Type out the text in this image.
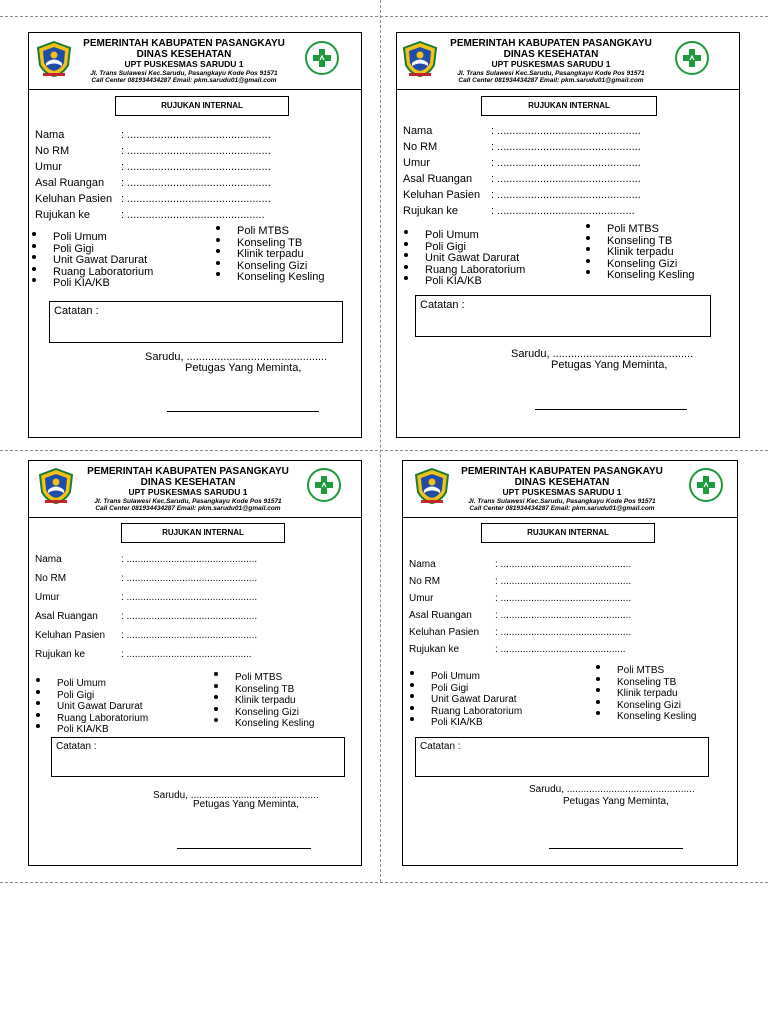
PEMERINTAH KABUPATEN PASANGKAYU
DINAS KESEHATAN
UPT PUSKESMAS SARUDU 1
Jl. Trans Sulawesi Kec.Sarudu, Pasangkayu Kode Pos 91571
Call Center 081934434287 Email: pkm.sarudu01@gmail.com
RUJUKAN INTERNAL
Nama	: ...............................................
No RM	: ...............................................
Umur	: ...............................................
Asal Ruangan : ...............................................
Keluhan Pasien : ...............................................
Rujukan ke	: .............................................
Poli Umum
Poli Gigi
Unit Gawat Darurat
Ruang Laboratorium
Poli KIA/KB
Poli MTBS
Konseling TB
Klinik terpadu
Konseling Gizi
Konseling Kesling
Catatan :
Sarudu, ..............................................
Petugas Yang Meminta,
PEMERINTAH KABUPATEN PASANGKAYU
DINAS KESEHATAN
UPT PUSKESMAS SARUDU 1
Jl. Trans Sulawesi Kec.Sarudu, Pasangkayu Kode Pos 91571
Call Center 081934434287 Email: pkm.sarudu01@gmail.com
RUJUKAN INTERNAL
Nama	: ...............................................
No RM	: ...............................................
Umur	: ...............................................
Asal Ruangan : ...............................................
Keluhan Pasien : ...............................................
Rujukan ke	: .............................................
Poli Umum
Poli Gigi
Unit Gawat Darurat
Ruang Laboratorium
Poli KIA/KB
Poli MTBS
Konseling TB
Klinik terpadu
Konseling Gizi
Konseling Kesling
Catatan :
Sarudu, ..............................................
Petugas Yang Meminta,
PEMERINTAH KABUPATEN PASANGKAYU
DINAS KESEHATAN
UPT PUSKESMAS SARUDU 1
Jl. Trans Sulawesi Kec.Sarudu, Pasangkayu Kode Pos 91571
Call Center 081934434287 Email: pkm.sarudu01@gmail.com
RUJUKAN INTERNAL
Nama	: ...............................................
No RM	: ...............................................
Umur	: ...............................................
Asal Ruangan : ...............................................
Keluhan Pasien : ...............................................
Rujukan ke	: .............................................
Poli Umum
Poli Gigi
Unit Gawat Darurat
Ruang Laboratorium
Poli KIA/KB
Poli MTBS
Konseling TB
Klinik terpadu
Konseling Gizi
Konseling Kesling
Catatan :
Sarudu, ..............................................
Petugas Yang Meminta,
PEMERINTAH KABUPATEN PASANGKAYU
DINAS KESEHATAN
UPT PUSKESMAS SARUDU 1
Jl. Trans Sulawesi Kec.Sarudu, Pasangkayu Kode Pos 91571
Call Center 081934434287 Email: pkm.sarudu01@gmail.com
RUJUKAN INTERNAL
Nama	: ...............................................
No RM	: ...............................................
Umur	: ...............................................
Asal Ruangan : ...............................................
Keluhan Pasien : ...............................................
Rujukan ke	: .............................................
Poli Umum
Poli Gigi
Unit Gawat Darurat
Ruang Laboratorium
Poli KIA/KB
Poli MTBS
Konseling TB
Klinik terpadu
Konseling Gizi
Konseling Kesling
Catatan :
Sarudu, ..............................................
Petugas Yang Meminta,
